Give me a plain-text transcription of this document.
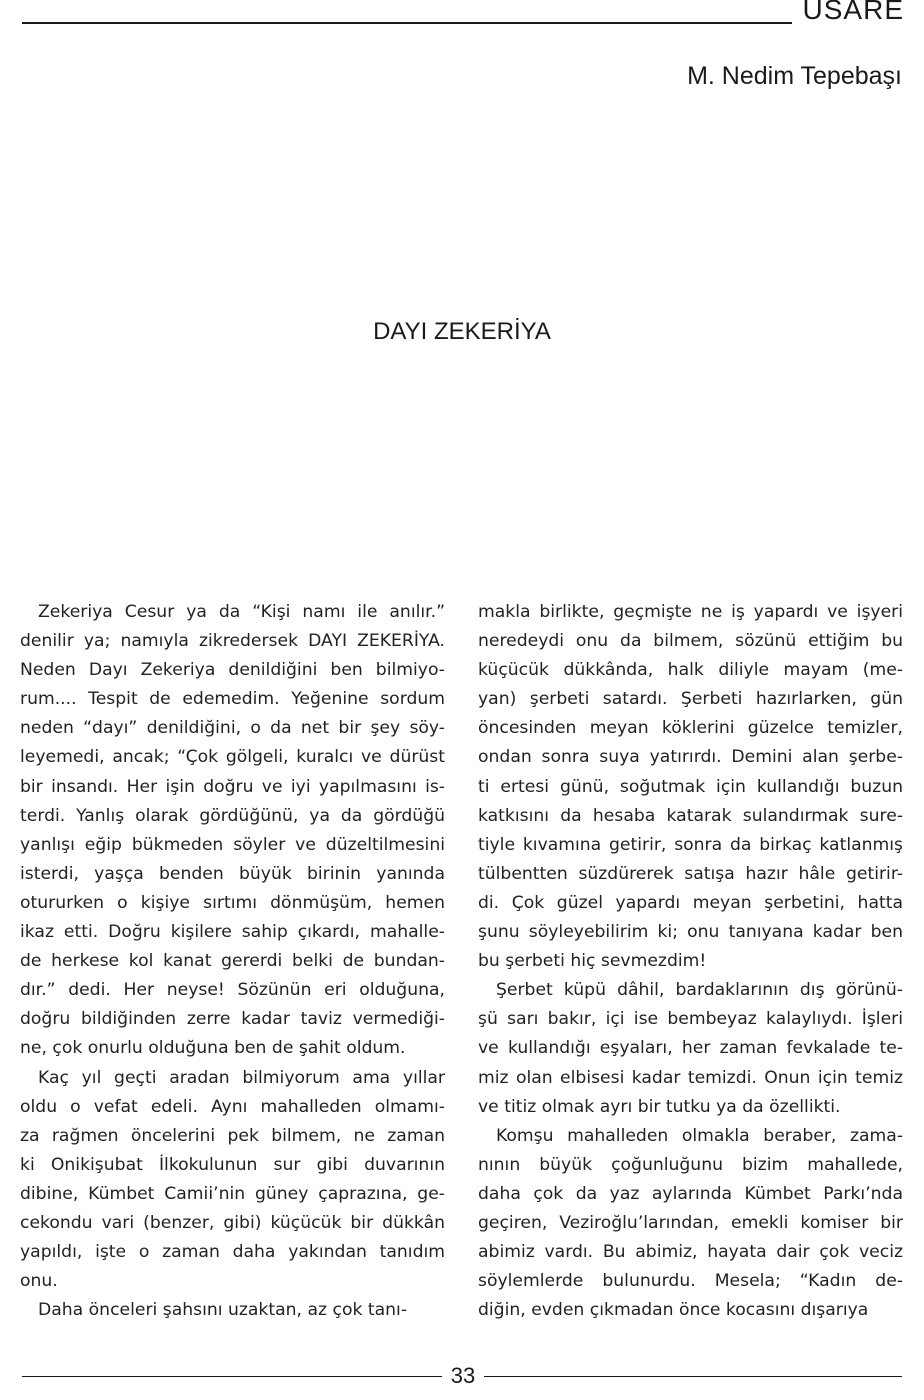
USARE
M. Nedim Tepebaşı
DAYI ZEKERİYA

Zekeriya Cesur ya da “Kişi namı ile anılır.”
denilir ya; namıyla zikredersek DAYI ZEKERİYA.
Neden Dayı Zekeriya denildiğini ben bilmiyo-
rum.... Tespit de edemedim. Yeğenine sordum
neden “dayı” denildiğini, o da net bir şey söy-
leyemedi, ancak; “Çok gölgeli, kuralcı ve dürüst
bir insandı. Her işin doğru ve iyi yapılmasını is-
terdi. Yanlış olarak gördüğünü, ya da gördüğü
yanlışı eğip bükmeden söyler ve düzeltilmesini
isterdi, yaşça benden büyük birinin yanında
otururken o kişiye sırtımı dönmüşüm, hemen
ikaz etti. Doğru kişilere sahip çıkardı, mahalle-
de herkese kol kanat gererdi belki de bundan-
dır.” dedi. Her neyse! Sözünün eri olduğuna,
doğru bildiğinden zerre kadar taviz vermediği-
ne, çok onurlu olduğuna ben de şahit oldum.

Kaç yıl geçti aradan bilmiyorum ama yıllar
oldu o vefat edeli. Aynı mahalleden olmamı-
za rağmen öncelerini pek bilmem, ne zaman
ki Onikişubat İlkokulunun sur gibi duvarının
dibine, Kümbet Camii’nin güney çaprazına, ge-
cekondu vari (benzer, gibi) küçücük bir dükkân
yapıldı, işte o zaman daha yakından tanıdım
onu.

Daha önceleri şahsını uzaktan, az çok tanı-

makla birlikte, geçmişte ne iş yapardı ve işyeri
neredeydi onu da bilmem, sözünü ettiğim bu
küçücük dükkânda, halk diliyle mayam (me-
yan) şerbeti satardı. Şerbeti hazırlarken, gün
öncesinden meyan köklerini güzelce temizler,
ondan sonra suya yatırırdı. Demini alan şerbe-
ti ertesi günü, soğutmak için kullandığı buzun
katkısını da hesaba katarak sulandırmak sure-
tiyle kıvamına getirir, sonra da birkaç katlanmış
tülbentten süzdürerek satışa hazır hâle getirir-
di. Çok güzel yapardı meyan şerbetini, hatta
şunu söyleyebilirim ki; onu tanıyana kadar ben
bu şerbeti hiç sevmezdim!

Şerbet küpü dâhil, bardaklarının dış görünü-
şü sarı bakır, içi ise bembeyaz kalaylıydı. İşleri
ve kullandığı eşyaları, her zaman fevkalade te-
miz olan elbisesi kadar temizdi. Onun için temiz
ve titiz olmak ayrı bir tutku ya da özellikti.

Komşu mahalleden olmakla beraber, zama-
nının büyük çoğunluğunu bizim mahallede,
daha çok da yaz aylarında Kümbet Parkı’nda
geçiren, Veziroğlu’larından, emekli komiser bir
abimiz vardı. Bu abimiz, hayata dair çok veciz
söylemlerde bulunurdu. Mesela; “Kadın de-
diğin, evden çıkmadan önce kocasını dışarıya

33
